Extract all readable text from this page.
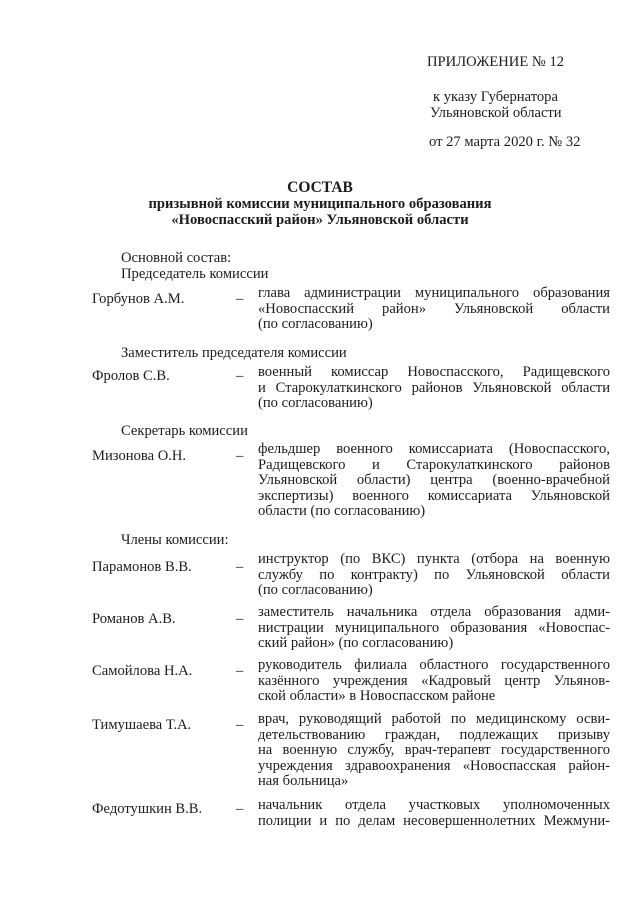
ПРИЛОЖЕНИЕ № 12
к указу Губернатора
Ульяновской области
от 27 марта 2020 г. № 32
СОСТАВ
призывной комиссии муниципального образования
«Новоспасский район» Ульяновской области
Основной состав:
Председатель комиссии
Горбунов А.М.	– глава администрации муниципального образования
«Новоспасский район» Ульяновской области
(по согласованию)
Заместитель председателя комиссии
Фролов С.В.	– военный комиссар Новоспасского, Радищевского
и Старокулаткинского районов Ульяновской области
(по согласованию)
Секретарь комиссии
Мизонова О.Н.	– фельдшер военного комиссариата (Новоспасского,
Радищевского и Старокулаткинского районов
Ульяновской области) центра (военно-врачебной
экспертизы) военного комиссариата Ульяновской
области (по согласованию)
Члены комиссии:
Парамонов В.В.	– инструктор (по ВКС) пункта (отбора на военную
службу по контракту) по Ульяновской области
(по согласованию)
Романов А.В.	– заместитель начальника отдела образования адми-
нистрации муниципального образования «Новоспас-
ский район» (по согласованию)
Самойлова Н.А.	– руководитель филиала областного государственного
казённого учреждения «Кадровый центр Ульянов-
ской области» в Новоспасском районе
Тимушаева Т.А.	– врач, руководящий работой по медицинскому осви-
детельствованию граждан, подлежащих призыву
на военную службу, врач-терапевт государственного
учреждения здравоохранения «Новоспасская район-
ная больница»
Федотушкин В.В. – начальник отдела участковых уполномоченных
полиции и по делам несовершеннолетних Межмуни-
